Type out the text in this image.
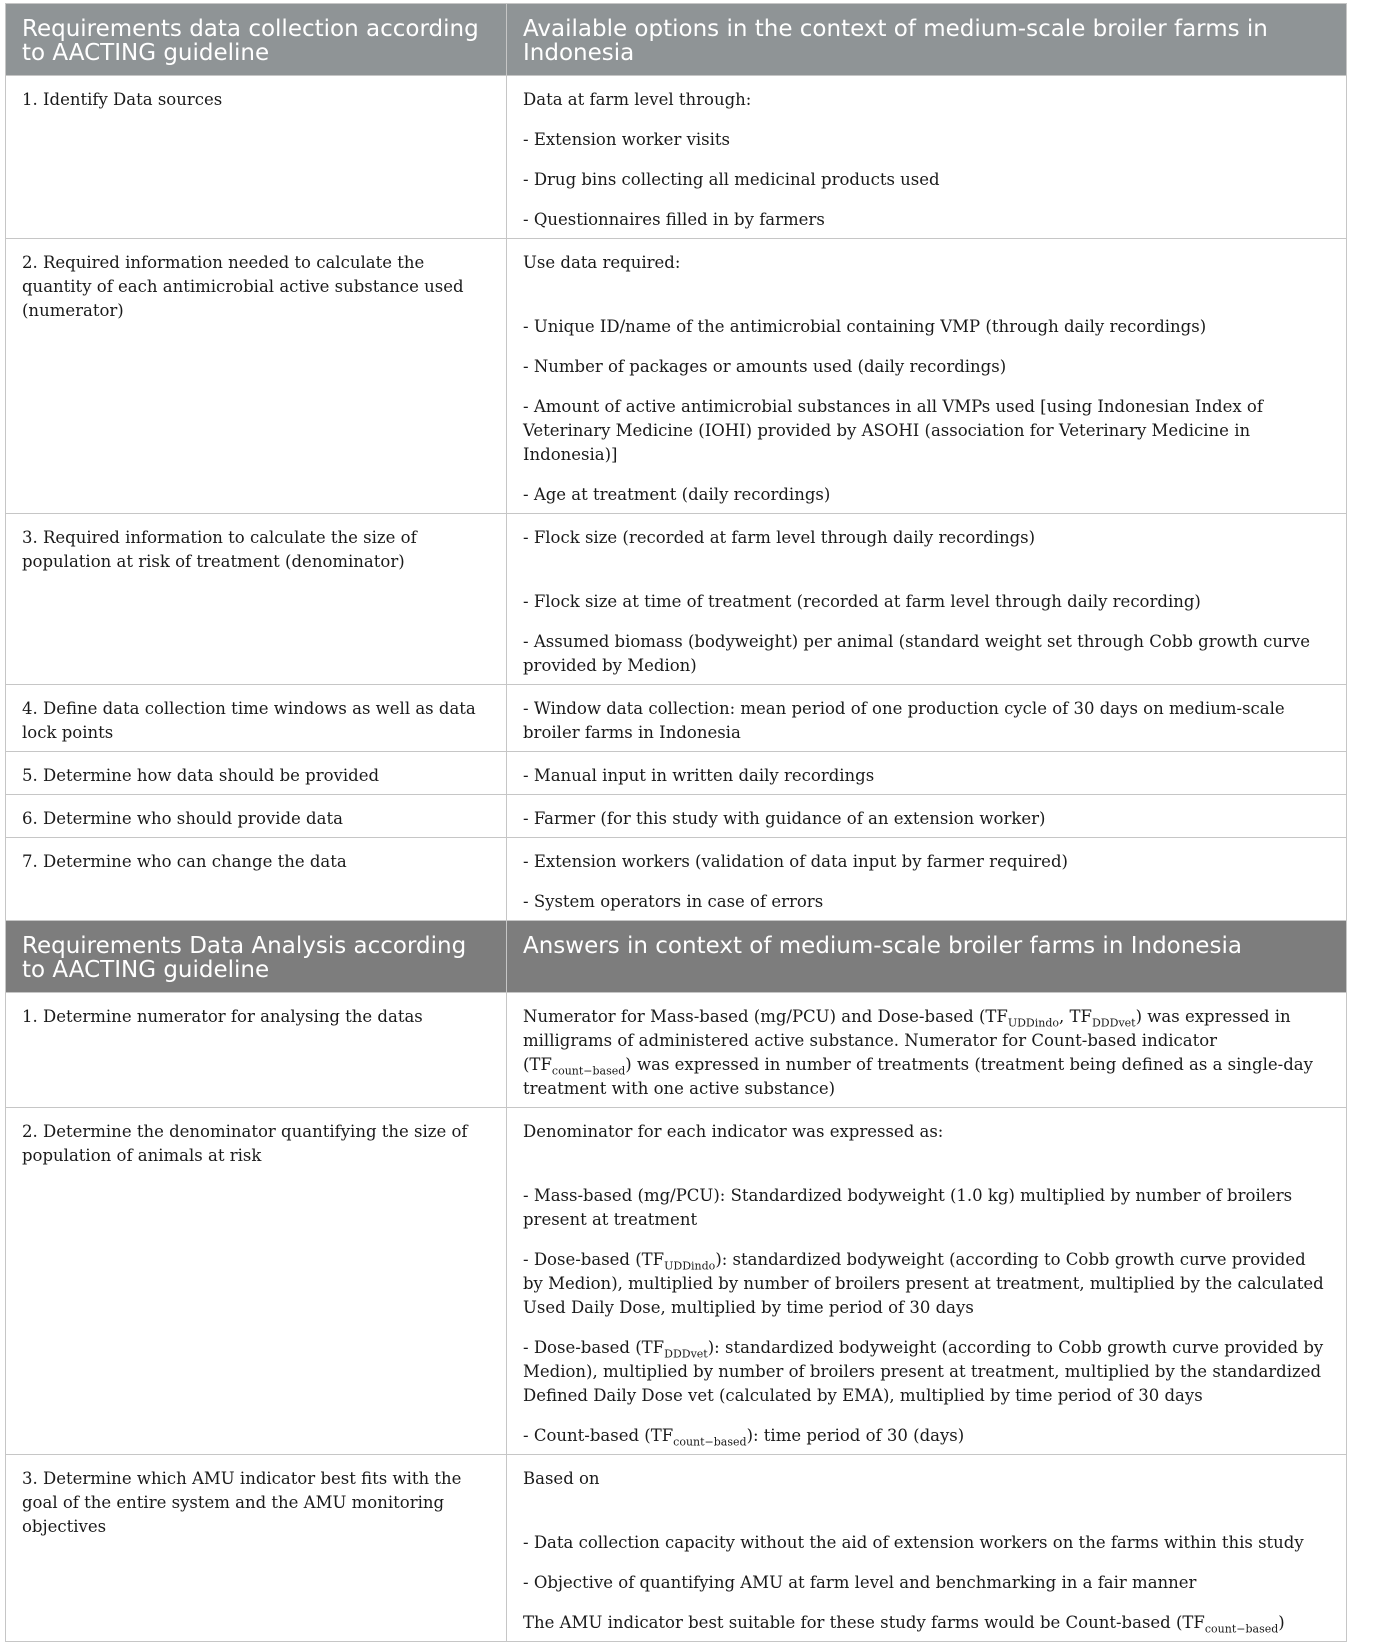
Requirements data collection according to AACTING guideline	Available options in the context of medium-scale broiler farms in Indonesia
1. Identify Data sources	Data at farm level through:

- Extension worker visits

- Drug bins collecting all medicinal products used

- Questionnaires filled in by farmers

2. Required information needed to calculate the quantity of each antimicrobial active substance used (numerator)	Use data required:

- Unique ID/name of the antimicrobial containing VMP (through daily recordings)

- Number of packages or amounts used (daily recordings)

- Amount of active antimicrobial substances in all VMPs used [using Indonesian Index of Veterinary Medicine (IOHI) provided by ASOHI (association for Veterinary Medicine in Indonesia)]

- Age at treatment (daily recordings)

3. Required information to calculate the size of population at risk of treatment (denominator)	- Flock size (recorded at farm level through daily recordings)

- Flock size at time of treatment (recorded at farm level through daily recording)

- Assumed biomass (bodyweight) per animal (standard weight set through Cobb growth curve provided by Medion)

4. Define data collection time windows as well as data lock points	- Window data collection: mean period of one production cycle of 30 days on medium-scale broiler farms in Indonesia

5. Determine how data should be provided	- Manual input in written daily recordings

6. Determine who should provide data	- Farmer (for this study with guidance of an extension worker)

7. Determine who can change the data	- Extension workers (validation of data input by farmer required)

- System operators in case of errors

Requirements Data Analysis according to AACTING guideline	Answers in context of medium-scale broiler farms in Indonesia
1. Determine numerator for analysing the datas	Numerator for Mass-based (mg/PCU) and Dose-based ($TF_{UDDindo}$, $TF_{DDDvet}$) was expressed in milligrams of administered active substance. Numerator for Count-based indicator $(TF_{count-based})$ was expressed in number of treatments (treatment being defined as a single-day treatment with one active substance)

2. Determine the denominator quantifying the size of population of animals at risk	Denominator for each indicator was expressed as:

- Mass-based (mg/PCU): Standardized bodyweight (1.0 kg) multiplied by number of broilers present at treatment

- Dose-based $(TF_{UDDindo})$: standardized bodyweight (according to Cobb growth curve provided by Medion), multiplied by number of broilers present at treatment, multiplied by the calculated Used Daily Dose, multiplied by time period of 30 days

- Dose-based $(TF_{DDDvet})$: standardized bodyweight (according to Cobb growth curve provided by Medion), multiplied by number of broilers present at treatment, multiplied by the standardized Defined Daily Dose vet (calculated by EMA), multiplied by time period of 30 days

- Count-based $(TF_{count-based})$: time period of 30 (days)

3. Determine which AMU indicator best fits with the goal of the entire system and the AMU monitoring objectives	Based on

- Data collection capacity without the aid of extension workers on the farms within this study

- Objective of quantifying AMU at farm level and benchmarking in a fair manner

The AMU indicator best suitable for these study farms would be Count-based $(TF_{count-based})$
